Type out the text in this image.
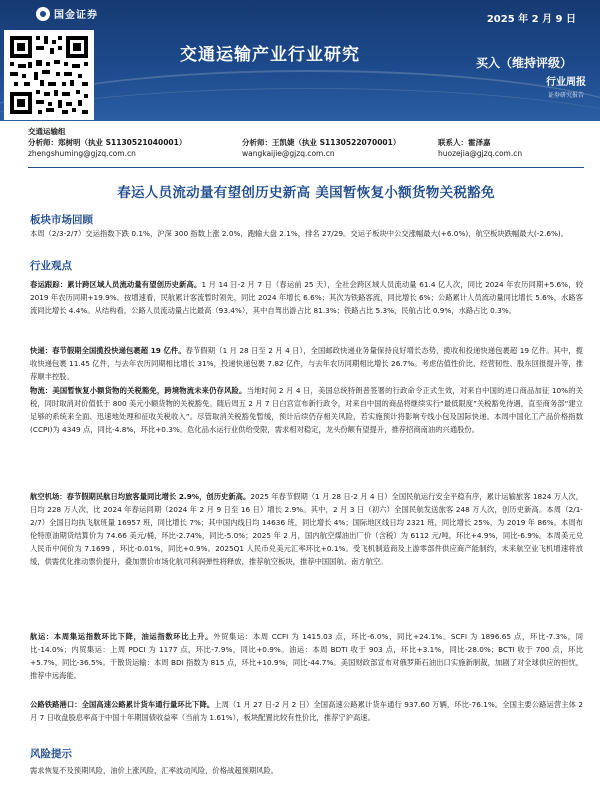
国金证券	2025 年 2 月 9 日
交通运输产业行业研究	买入（维持评级）
行业周报
证券研究报告
交通运输组
分析师：郑树明（执业 S1130521040001）	分析师：王凯婕（执业 S1130522070001）	联系人：霍泽嘉
zhengshuming@gjzq.com.cn	wangkaijie@gjzq.com.cn	huozejia@gjzq.com.cn
春运人员流动量有望创历史新高 美国暂恢复小额货物关税豁免
板块市场回顾
本周（2/3-2/7）交运指数下跌 0.1%，沪深 300 指数上涨 2.0%，跑输大盘 2.1%，排名 27/29。交运子板块中公交涨幅最大(+6.0%)，航空板块跌幅最大(-2.6%)。
行业观点
春运跟踪：累计跨区域人员流动量有望创历史新高。1 月 14 日-2 月 7 日（春运前 25 天），全社会跨区域人员流动量 61.4 亿人次，同比 2024 年农历同期+5.6%，较 2019 年农历同期+19.9%。按增速看，民航累计客流暂时领先，同比 2024 年增长 6.6%；其次为铁路客流，同比增长 6%；公路累计人员流动量同比增长 5.6%，水路客流同比增长 4.4%。从结构看，公路人员流动量占比最高（93.4%），其中自驾出游占比 81.3%；铁路占比 5.3%，民航占比 0.9%，水路占比 0.3%。
快递：春节假期全国揽投快递包裹超 19 亿件。春节假期（1 月 28 日至 2 月 4 日），全国邮政快递业务量保持良好增长态势，揽收和投递快递包裹超 19 亿件。其中，揽收快递包裹 11.45 亿件，与去年农历同期相比增长 31%，投递快递包裹 7.82 亿件，与去年农历同期相比增长 26.7%。考虑估值性价比、经营韧性、股东回报提升等，推荐顺丰控股。
物流：美国暂恢复小额货物的关税豁免，跨境物流未来仍存风险。当地时间 2 月 4 日，美国总统特朗普签署的行政命令正式生效，对来自中国的进口商品加征 10%的关税，同时取消对价值低于 800 美元小额货物的关税豁免。随后周五 2 月 7 日白宫宣布新行政令，对来自中国的商品将继续实行“最低限度”关税豁免待遇，直至商务部“建立足够的系统来全面、迅速地处理和征收关税收入”。尽管取消关税豁免暂缓，预计后续仍存相关风险，若实施预计将影响专线小包及国际快递。本周中国化工产品价格指数(CCPI)为 4349 点，同比-4.8%，环比+0.3%。危化品水运行业供给受限，需求相对稳定，龙头份额有望提升，推荐招商南油的兴通股份。
航空机场：春节假期民航日均旅客量同比增长 2.9%，创历史新高。2025 年春节假期（1 月 28 日-2 月 4 日）全国民航运行安全平稳有序，累计运输旅客 1824 万人次，日均 228 万人次，比 2024 年春运同期（2024 年 2 月 9 日至 16 日）增长 2.9%。其中，2 月 3 日（初六）全国民航发送旅客 248 万人次，创历史新高。本周（2/1-2/7）全国日均执飞航班量 16957 班，同比增长 7%；其中国内线日均 14636 班，同比增长 4%；国际地区线日均 2321 班，同比增长 25%，为 2019 年 86%。本周布伦特原油期货结算价为 74.66 美元/桶，环比-2.74%，同比-5.0%；2025 年 2 月，国内航空煤油出厂价（含税）为 6112 元/吨，环比+4.9%，同比-6.9%。本周美元兑人民币中间价为 7.1699 ，环比-0.01%，同比+0.9%。2025Q1 人民币兑美元汇率环比+0.1%。受飞机制造商及上游零部件供应商产能制约，未来航空业飞机增速将放缓，供需优化推动票价提升，叠加票价市场化航司利润弹性将释放，推荐航空板块，推荐中国国航、南方航空。
航运：本周集运指数环比下降，油运指数环比上升。外贸集运：本周 CCFI 为 1415.03 点，环比-6.0%，同比+24.1%。SCFI 为 1896.65 点，环比-7.3%，同比-14.0%；内贸集运：上周 PDCI 为 1177 点，环比-7.9%，同比+0.9%。油运：本周 BDTI 收于 903 点，环比+3.1%，同比-28.0%；BCTI 收于 700 点，环比+5.7%，同比-36.5%。干散货运输：本周 BDI 指数为 815 点，环比+10.9%，同比-44.7%。美国财政部宣布对俄罗斯石油出口实施新制裁，加剧了对全球供应的担忧，推荐中远海能。
公路铁路港口：全国高速公路累计货车通行量环比下降。上周（1 月 27 日-2 月 2 日）全国高速公路累计货车通行 937.60 万辆，环比-76.1%。全国主要公路运营主体 2 月 7 日收盘股息率高于中国十年期国债收益率（当前为 1.61%），板块配置比较有性价比，推荐宁沪高速。
风险提示
需求恢复不及预期风险，油价上涨风险，汇率波动风险，价格战超预期风险。
